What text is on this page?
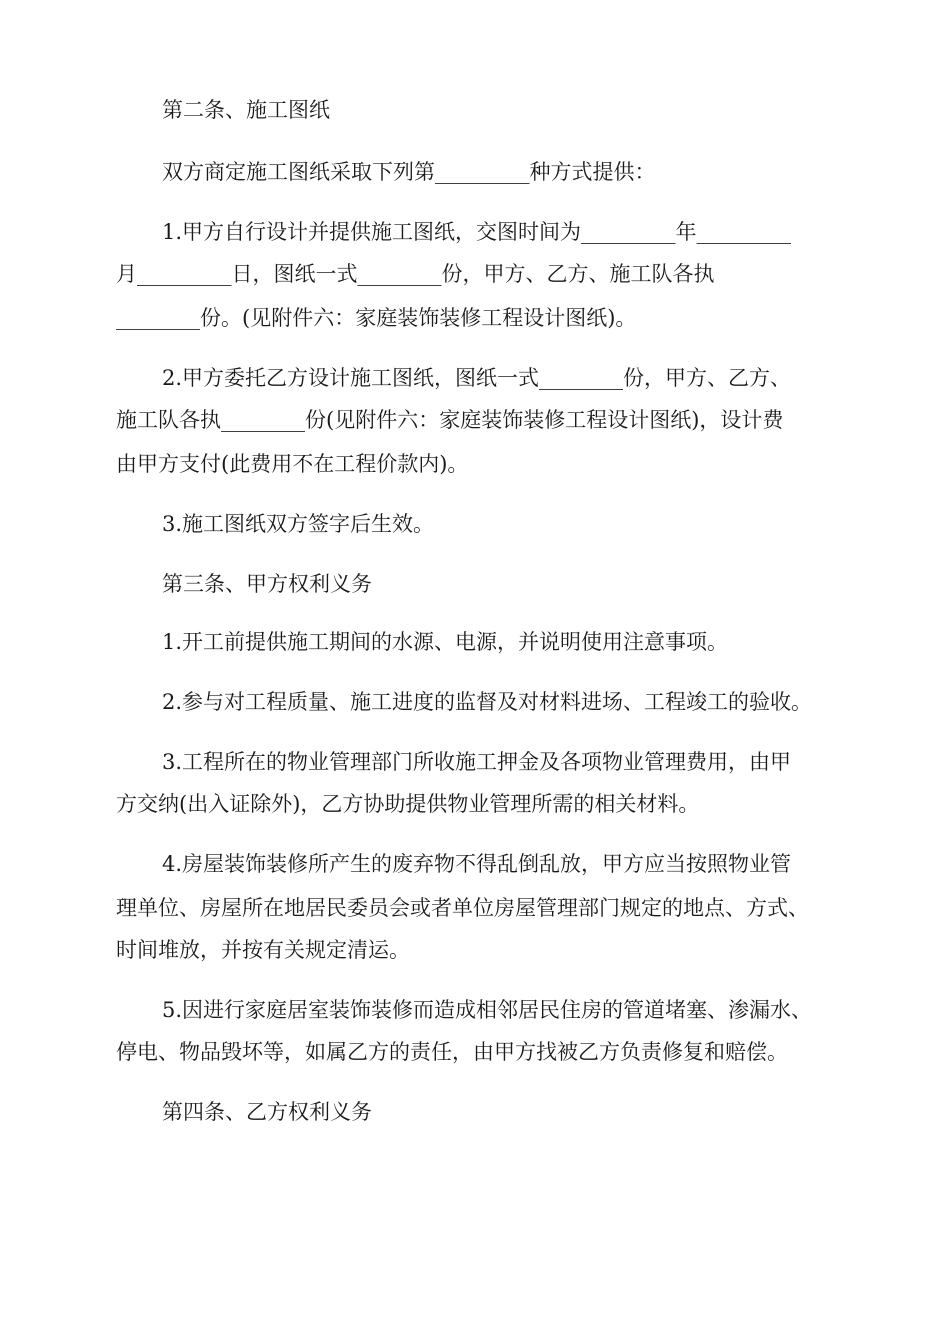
第二条、施工图纸
双方商定施工图纸采取下列第_________种方式提供：
1.甲方自行设计并提供施工图纸，交图时间为_________年_________
月_________日，图纸一式________份，甲方、乙方、施工队各执
________份。(见附件六：家庭装饰装修工程设计图纸)。
2.甲方委托乙方设计施工图纸，图纸一式________份，甲方、乙方、
施工队各执________份(见附件六：家庭装饰装修工程设计图纸)，设计费
由甲方支付(此费用不在工程价款内)。
3.施工图纸双方签字后生效。
第三条、甲方权利义务
1.开工前提供施工期间的水源、电源，并说明使用注意事项。
2.参与对工程质量、施工进度的监督及对材料进场、工程竣工的验收。
3.工程所在的物业管理部门所收施工押金及各项物业管理费用，由甲
方交纳(出入证除外)，乙方协助提供物业管理所需的相关材料。
4.房屋装饰装修所产生的废弃物不得乱倒乱放，甲方应当按照物业管
理单位、房屋所在地居民委员会或者单位房屋管理部门规定的地点、方式、
时间堆放，并按有关规定清运。
5.因进行家庭居室装饰装修而造成相邻居民住房的管道堵塞、渗漏水、
停电、物品毁坏等，如属乙方的责任，由甲方找被乙方负责修复和赔偿。
第四条、乙方权利义务
